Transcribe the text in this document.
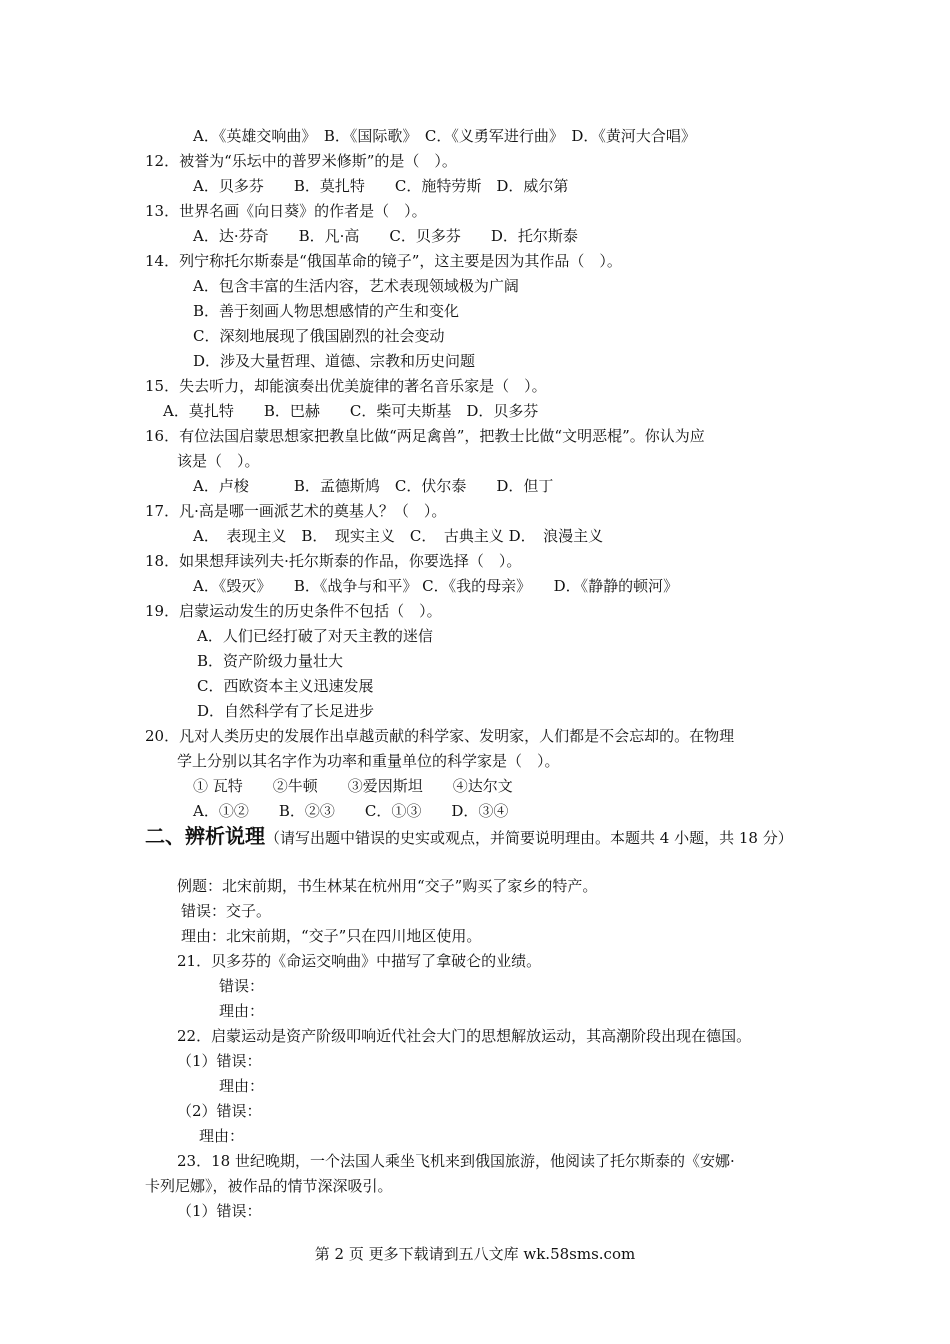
A．《英雄交响曲》　B．《国际歌》　C．《义勇军进行曲》　D．《黄河大合唱》
12．被誉为“乐坛中的普罗米修斯”的是（　）。
A．贝多芬　　B．莫扎特　　C．施特劳斯　D．威尔第
13．世界名画《向日葵》的作者是（　）。
A．达·芬奇　　B．凡·高　　C．贝多芬　　D．托尔斯泰
14．列宁称托尔斯泰是“俄国革命的镜子”，这主要是因为其作品（　）。
A．包含丰富的生活内容，艺术表现领域极为广阔
B．善于刻画人物思想感情的产生和变化
C．深刻地展现了俄国剧烈的社会变动
D．涉及大量哲理、道德、宗教和历史问题
15．失去听力，却能演奏出优美旋律的著名音乐家是（　）。
A．莫扎特　　B．巴赫　　C．柴可夫斯基　D．贝多芬
16．有位法国启蒙思想家把教皇比做“两足禽兽”，把教士比做“文明恶棍”。你认为应
该是（　）。
A．卢梭　　　B．孟德斯鸠　C．伏尔泰　　D．但丁
17．凡·高是哪一画派艺术的奠基人？（　）。
A．　表现主义　B．　现实主义　C．　古典主义 D．　浪漫主义
18．如果想拜读列夫·托尔斯泰的作品，你要选择（　）。
A．《毁灭》　　B．《战争与和平》 C．《我的母亲》　　D．《静静的顿河》
19．启蒙运动发生的历史条件不包括（　）。
A．人们已经打破了对天主教的迷信
B．资产阶级力量壮大
C．西欧资本主义迅速发展
D．自然科学有了长足进步
20．凡对人类历史的发展作出卓越贡献的科学家、发明家，人们都是不会忘却的。在物理
学上分别以其名字作为功率和重量单位的科学家是（　）。
① 瓦特　　②牛顿　　③爱因斯坦　　④达尔文
A．①②　　B．②③　　C．①③　　D．③④
二、辨析说理（请写出题中错误的史实或观点，并简要说明理由。本题共 4 小题，共 18 分）
例题：北宋前期，书生林某在杭州用“交子”购买了家乡的特产。
错误：交子。
理由：北宋前期，“交子”只在四川地区使用。
21．贝多芬的《命运交响曲》中描写了拿破仑的业绩。
错误：
理由：
22．启蒙运动是资产阶级叩响近代社会大门的思想解放运动，其高潮阶段出现在德国。
（1）错误：
理由：
（2）错误：
理由：
23．18 世纪晚期，一个法国人乘坐飞机来到俄国旅游，他阅读了托尔斯泰的《安娜·
卡列尼娜》，被作品的情节深深吸引。
（1）错误：
第 2 页 更多下载请到五八文库 wk.58sms.com
